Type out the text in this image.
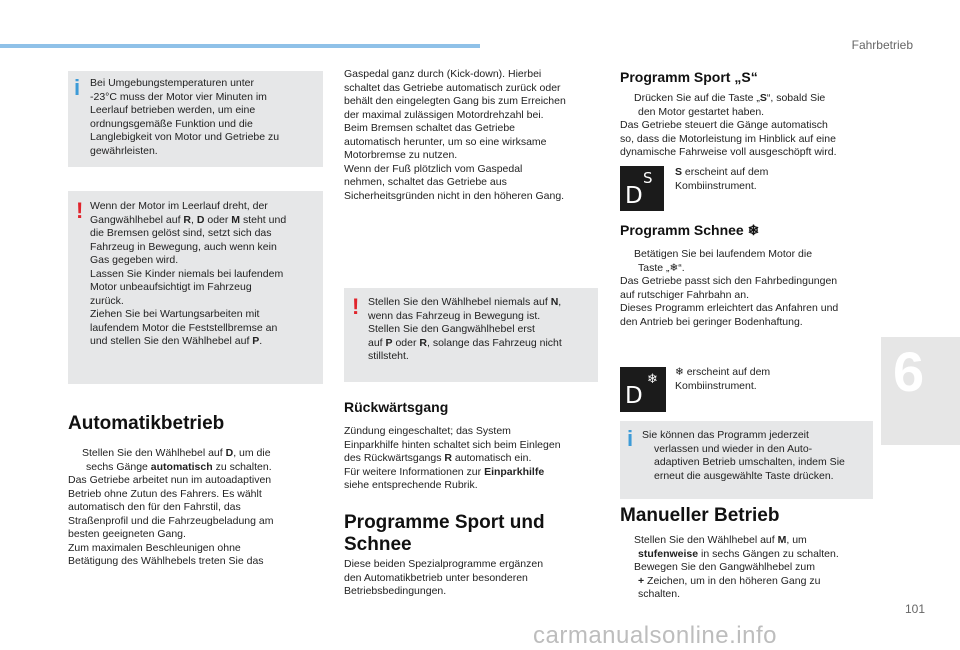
Fahrbetrieb
6
101
carmanualsonline.info
i Bei Umgebungstemperaturen unter

-23°C muss der Motor vier Minuten im

Leerlauf betrieben werden, um eine

ordnungsgemäße Funktion und die

Langlebigkeit von Motor und Getriebe zu

gewährleisten.

! Wenn der Motor im Leerlauf dreht, der

Gangwählhebel auf R, D oder M steht und

die Bremsen gelöst sind, setzt sich das

Fahrzeug in Bewegung, auch wenn kein

Gas gegeben wird.

Lassen Sie Kinder niemals bei laufendem

Motor unbeaufsichtigt im Fahrzeug

zurück.

Ziehen Sie bei Wartungsarbeiten mit

laufendem Motor die Feststellbremse an

und stellen Sie den Wählhebel auf P.

Automatikbetrieb

Stellen Sie den Wählhebel auf D, um die

sechs Gänge automatisch zu schalten.

Das Getriebe arbeitet nun im autoadaptiven

Betrieb ohne Zutun des Fahrers. Es wählt

automatisch den für den Fahrstil, das

Straßenprofil und die Fahrzeugbeladung am

besten geeigneten Gang.

Zum maximalen Beschleunigen ohne

Betätigung des Wählhebels treten Sie das

Gaspedal ganz durch (Kick-down). Hierbei

schaltet das Getriebe automatisch zurück oder

behält den eingelegten Gang bis zum Erreichen

der maximal zulässigen Motordrehzahl bei.

Beim Bremsen schaltet das Getriebe

automatisch herunter, um so eine wirksame

Motorbremse zu nutzen.

Wenn der Fuß plötzlich vom Gaspedal

nehmen, schaltet das Getriebe aus

Sicherheitsgründen nicht in den höheren Gang.

! Stellen Sie den Wählhebel niemals auf N,

wenn das Fahrzeug in Bewegung ist.

Stellen Sie den Gangwählhebel erst

auf P oder R, solange das Fahrzeug nicht

stillsteht.

Rückwärtsgang

Zündung eingeschaltet; das System

Einparkhilfe hinten schaltet sich beim Einlegen

des Rückwärtsgangs R automatisch ein.

Für weitere Informationen zur Einparkhilfe

siehe entsprechende Rubrik.

Programme Sport und
Schnee

Diese beiden Spezialprogramme ergänzen

den Automatikbetrieb unter besonderen

Betriebsbedingungen.

Programm Sport „S“

Drücken Sie auf die Taste „S“, sobald Sie

den Motor gestartet haben.

Das Getriebe steuert die Gänge automatisch

so, dass die Motorleistung im Hinblick auf eine

dynamische Fahrweise voll ausgeschöpft wird.

S
D

S erscheint auf dem

Kombiinstrument.

Programm Schnee ❄

Betätigen Sie bei laufendem Motor die

Taste „❄“.

Das Getriebe passt sich den Fahrbedingungen

auf rutschiger Fahrbahn an.

Dieses Programm erleichtert das Anfahren und

den Antrieb bei geringer Bodenhaftung.

D
❄ ❄ erscheint auf dem

Kombiinstrument.

i Sie können das Programm jederzeit

verlassen und wieder in den Auto-

adaptiven Betrieb umschalten, indem Sie

erneut die ausgewählte Taste drücken.

Manueller Betrieb

Stellen Sie den Wählhebel auf M, um

stufenweise in sechs Gängen zu schalten.

Bewegen Sie den Gangwählhebel zum

+ Zeichen, um in den höheren Gang zu

schalten.
